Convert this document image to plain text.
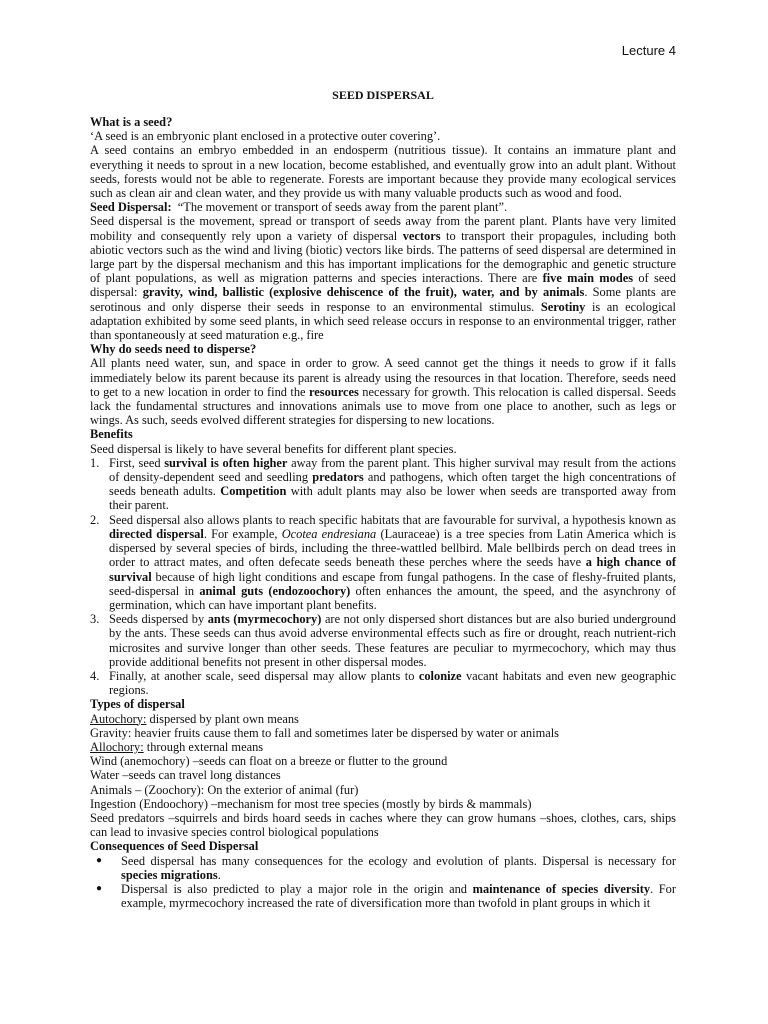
Lecture 4
SEED DISPERSAL

What is a seed?

‘A seed is an embryonic plant enclosed in a protective outer covering’.

A seed contains an embryo embedded in an endosperm (nutritious tissue). It contains an immature plant and everything it needs to sprout in a new location, become established, and eventually grow into an adult plant. Without seeds, forests would not be able to regenerate. Forests are important because they provide many ecological services such as clean air and clean water, and they provide us with many valuable products such as wood and food.

Seed Dispersal: “The movement or transport of seeds away from the parent plant”.

Seed dispersal is the movement, spread or transport of seeds away from the parent plant. Plants have very limited mobility and consequently rely upon a variety of dispersal vectors to transport their propagules, including both abiotic vectors such as the wind and living (biotic) vectors like birds. The patterns of seed dispersal are determined in large part by the dispersal mechanism and this has important implications for the demographic and genetic structure of plant populations, as well as migration patterns and species interactions. There are five main modes of seed dispersal: gravity, wind, ballistic (explosive dehiscence of the fruit), water, and by animals. Some plants are serotinous and only disperse their seeds in response to an environmental stimulus. Serotiny is an ecological adaptation exhibited by some seed plants, in which seed release occurs in response to an environmental trigger, rather than spontaneously at seed maturation e.g., fire

Why do seeds need to disperse?

All plants need water, sun, and space in order to grow. A seed cannot get the things it needs to grow if it falls immediately below its parent because its parent is already using the resources in that location. Therefore, seeds need to get to a new location in order to find the resources necessary for growth. This relocation is called dispersal. Seeds lack the fundamental structures and innovations animals use to move from one place to another, such as legs or wings. As such, seeds evolved different strategies for dispersing to new locations.

Benefits

Seed dispersal is likely to have several benefits for different plant species.

1. First, seed survival is often higher away from the parent plant. This higher survival may result from the actions of density-dependent seed and seedling predators and pathogens, which often target the high concentrations of seeds beneath adults. Competition with adult plants may also be lower when seeds are transported away from their parent.
2. Seed dispersal also allows plants to reach specific habitats that are favourable for survival, a hypothesis known as directed dispersal. For example, Ocotea endresiana (Lauraceae) is a tree species from Latin America which is dispersed by several species of birds, including the three-wattled bellbird. Male bellbirds perch on dead trees in order to attract mates, and often defecate seeds beneath these perches where the seeds have a high chance of survival because of high light conditions and escape from fungal pathogens. In the case of fleshy-fruited plants, seed-dispersal in animal guts (endozoochory) often enhances the amount, the speed, and the asynchrony of germination, which can have important plant benefits.
3. Seeds dispersed by ants (myrmecochory) are not only dispersed short distances but are also buried underground by the ants. These seeds can thus avoid adverse environmental effects such as fire or drought, reach nutrient-rich microsites and survive longer than other seeds. These features are peculiar to myrmecochory, which may thus provide additional benefits not present in other dispersal modes.
4. Finally, at another scale, seed dispersal may allow plants to colonize vacant habitats and even new geographic regions.

Types of dispersal

Autochory: dispersed by plant own means

Gravity: heavier fruits cause them to fall and sometimes later be dispersed by water or animals

Allochory: through external means

Wind (anemochory) –seeds can float on a breeze or flutter to the ground

Water –seeds can travel long distances

Animals – (Zoochory): On the exterior of animal (fur)

Ingestion (Endoochory) –mechanism for most tree species (mostly by birds & mammals)

Seed predators –squirrels and birds hoard seeds in caches where they can grow humans –shoes, clothes, cars, ships can lead to invasive species control biological populations

Consequences of Seed Dispersal

● Seed dispersal has many consequences for the ecology and evolution of plants. Dispersal is necessary for species migrations.
● Dispersal is also predicted to play a major role in the origin and maintenance of species diversity. For example, myrmecochory increased the rate of diversification more than twofold in plant groups in which it
